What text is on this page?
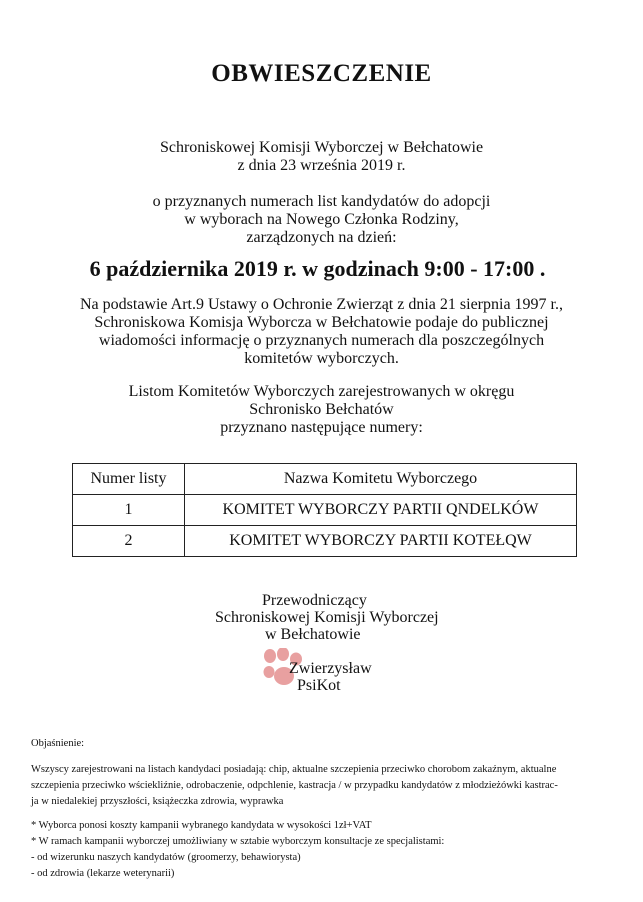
OBWIESZCZENIE
Schroniskowej Komisji Wyborczej w Bełchatowie
z dnia 23 września 2019 r.
o przyznanych numerach list kandydatów do adopcji
w wyborach na Nowego Członka Rodziny,
zarządzonych na dzień:
6 października 2019 r. w godzinach 9:00 - 17:00 .
Na podstawie Art.9 Ustawy o Ochronie Zwierząt z dnia 21 sierpnia 1997 r.,
Schroniskowa Komisja Wyborcza w Bełchatowie podaje do publicznej
wiadomości informację o przyznanych numerach dla poszczególnych
komitetów wyborczych.
Listom Komitetów Wyborczych zarejestrowanych w okręgu
Schronisko Bełchatów
przyznano następujące numery:
Numer listy	Nazwa Komitetu Wyborczego
1	KOMITET WYBORCZY PARTII QNDELKÓW
2	KOMITET WYBORCZY PARTII KOTEŁQW
Przewodniczący
Schroniskowej Komisji Wyborczej
w Bełchatowie
Zwierzysław
PsiKot
Objaśnienie:
Wszyscy zarejestrowani na listach kandydaci posiadają: chip, aktualne szczepienia przeciwko chorobom zakaźnym, aktualne
szczepienia przeciwko wściekliźnie, odrobaczenie, odpchlenie, kastracja / w przypadku kandydatów z młodzieżówki kastrac-
ja w niedalekiej przyszłości, książeczka zdrowia, wyprawka
* Wyborca ponosi koszty kampanii wybranego kandydata w wysokości 1zł+VAT
* W ramach kampanii wyborczej umożliwiany w sztabie wyborczym konsultacje ze specjalistami:
- od wizerunku naszych kandydatów (groomerzy, behawiorysta)
- od zdrowia (lekarze weterynarii)
